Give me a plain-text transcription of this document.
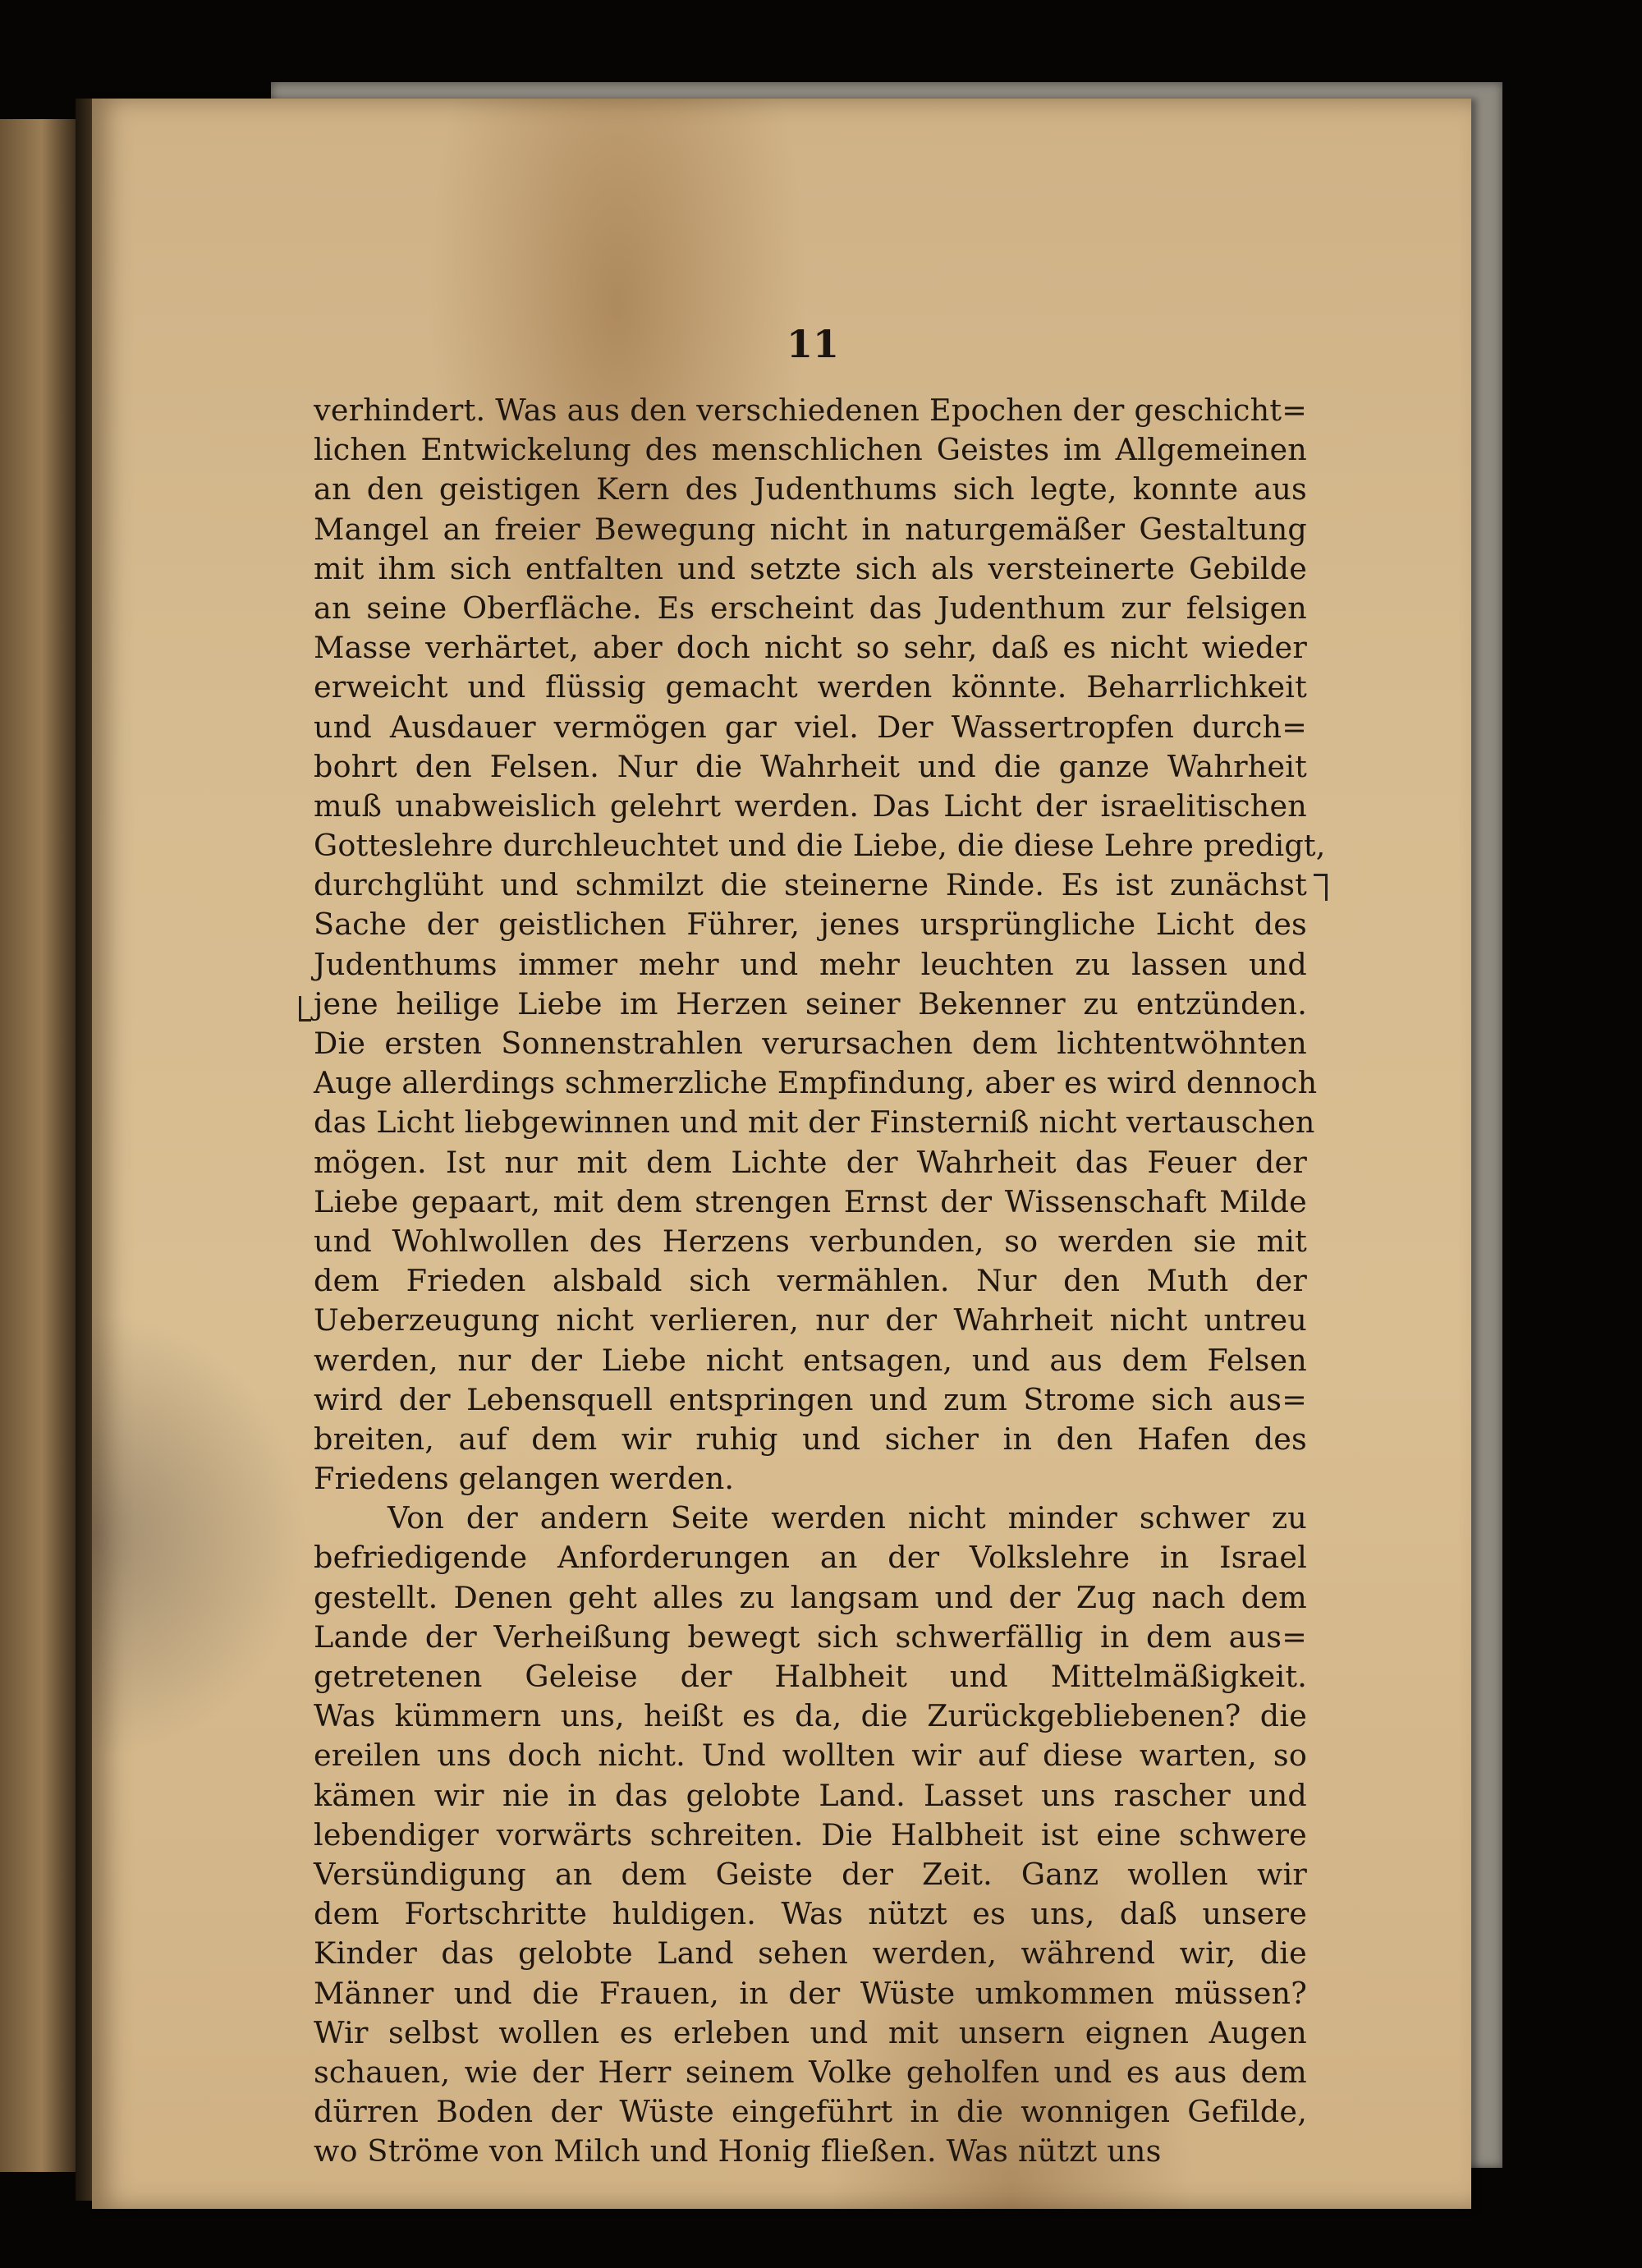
11
verhindert. Was aus den verschiedenen Epochen der geschicht=
lichen Entwickelung des menschlichen Geistes im Allgemeinen
an den geistigen Kern des Judenthums sich legte, konnte aus
Mangel an freier Bewegung nicht in naturgemäßer Gestaltung
mit ihm sich entfalten und setzte sich als versteinerte Gebilde
an seine Oberfläche. Es erscheint das Judenthum zur felsigen
Masse verhärtet, aber doch nicht so sehr, daß es nicht wieder
erweicht und flüssig gemacht werden könnte. Beharrlichkeit
und Ausdauer vermögen gar viel. Der Wassertropfen durch=
bohrt den Felsen. Nur die Wahrheit und die ganze Wahrheit
muß unabweislich gelehrt werden. Das Licht der israelitischen
Gotteslehre durchleuchtet und die Liebe, die diese Lehre predigt,
durchglüht und schmilzt die steinerne Rinde. Es ist zunächst
Sache der geistlichen Führer, jenes ursprüngliche Licht des
Judenthums immer mehr und mehr leuchten zu lassen und
jene heilige Liebe im Herzen seiner Bekenner zu entzünden.
Die ersten Sonnenstrahlen verursachen dem lichtentwöhnten
Auge allerdings schmerzliche Empfindung, aber es wird dennoch
das Licht liebgewinnen und mit der Finsterniß nicht vertauschen
mögen. Ist nur mit dem Lichte der Wahrheit das Feuer der
Liebe gepaart, mit dem strengen Ernst der Wissenschaft Milde
und Wohlwollen des Herzens verbunden, so werden sie mit
dem Frieden alsbald sich vermählen. Nur den Muth der
Ueberzeugung nicht verlieren, nur der Wahrheit nicht untreu
werden, nur der Liebe nicht entsagen, und aus dem Felsen
wird der Lebensquell entspringen und zum Strome sich aus=
breiten, auf dem wir ruhig und sicher in den Hafen des
Friedens gelangen werden.
Von der andern Seite werden nicht minder schwer zu
befriedigende Anforderungen an der Volkslehre in Israel
gestellt. Denen geht alles zu langsam und der Zug nach dem
Lande der Verheißung bewegt sich schwerfällig in dem aus=
getretenen Geleise der Halbheit und Mittelmäßigkeit.
Was kümmern uns, heißt es da, die Zurückgebliebenen? die
ereilen uns doch nicht. Und wollten wir auf diese warten, so
kämen wir nie in das gelobte Land. Lasset uns rascher und
lebendiger vorwärts schreiten. Die Halbheit ist eine schwere
Versündigung an dem Geiste der Zeit. Ganz wollen wir
dem Fortschritte huldigen. Was nützt es uns, daß unsere
Kinder das gelobte Land sehen werden, während wir, die
Männer und die Frauen, in der Wüste umkommen müssen?
Wir selbst wollen es erleben und mit unsern eignen Augen
schauen, wie der Herr seinem Volke geholfen und es aus dem
dürren Boden der Wüste eingeführt in die wonnigen Gefilde,
wo Ströme von Milch und Honig fließen. Was nützt uns
